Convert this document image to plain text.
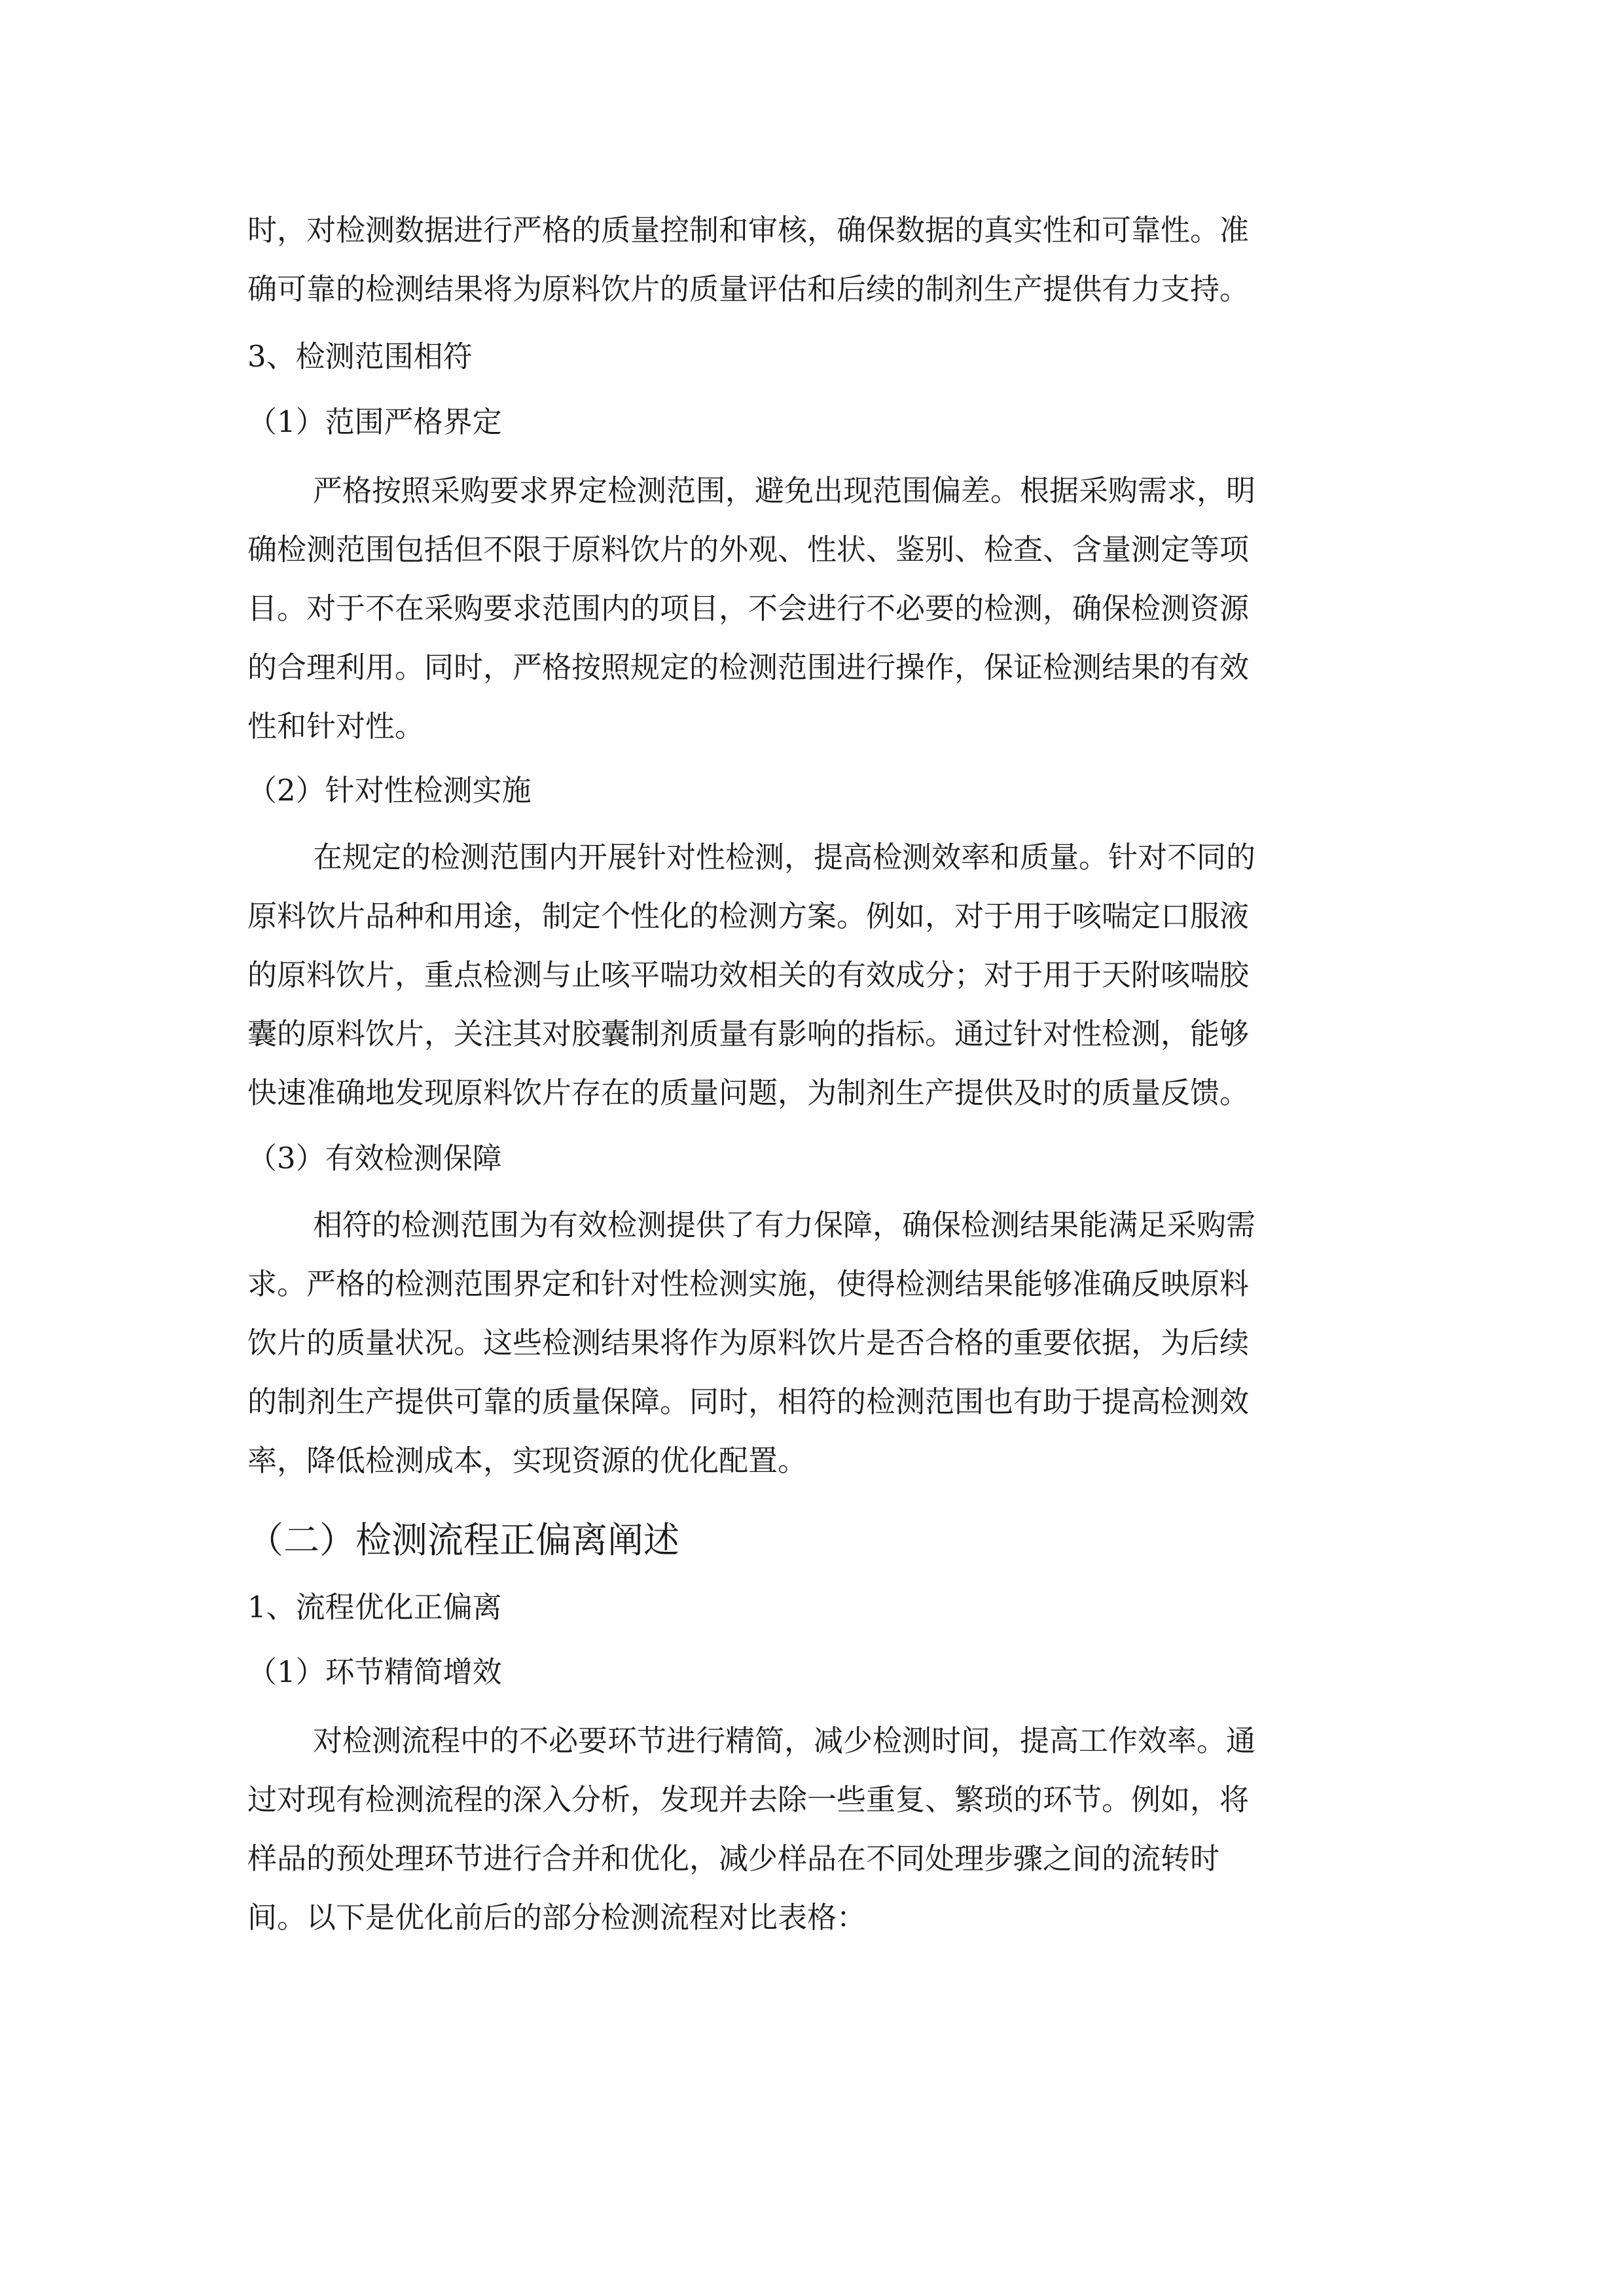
时，对检测数据进行严格的质量控制和审核，确保数据的真实性和可靠性。准
确可靠的检测结果将为原料饮片的质量评估和后续的制剂生产提供有力支持。
3、检测范围相符
（1）范围严格界定
严格按照采购要求界定检测范围，避免出现范围偏差。根据采购需求，明
确检测范围包括但不限于原料饮片的外观、性状、鉴别、检查、含量测定等项
目。对于不在采购要求范围内的项目，不会进行不必要的检测，确保检测资源
的合理利用。同时，严格按照规定的检测范围进行操作，保证检测结果的有效
性和针对性。
（2）针对性检测实施
在规定的检测范围内开展针对性检测，提高检测效率和质量。针对不同的
原料饮片品种和用途，制定个性化的检测方案。例如，对于用于咳喘定口服液
的原料饮片，重点检测与止咳平喘功效相关的有效成分；对于用于天附咳喘胶
囊的原料饮片，关注其对胶囊制剂质量有影响的指标。通过针对性检测，能够
快速准确地发现原料饮片存在的质量问题，为制剂生产提供及时的质量反馈。
（3）有效检测保障
相符的检测范围为有效检测提供了有力保障，确保检测结果能满足采购需
求。严格的检测范围界定和针对性检测实施，使得检测结果能够准确反映原料
饮片的质量状况。这些检测结果将作为原料饮片是否合格的重要依据，为后续
的制剂生产提供可靠的质量保障。同时，相符的检测范围也有助于提高检测效
率，降低检测成本，实现资源的优化配置。
（二）检测流程正偏离阐述
1、流程优化正偏离
（1）环节精简增效
对检测流程中的不必要环节进行精简，减少检测时间，提高工作效率。通
过对现有检测流程的深入分析，发现并去除一些重复、繁琐的环节。例如，将
样品的预处理环节进行合并和优化，减少样品在不同处理步骤之间的流转时
间。以下是优化前后的部分检测流程对比表格：
